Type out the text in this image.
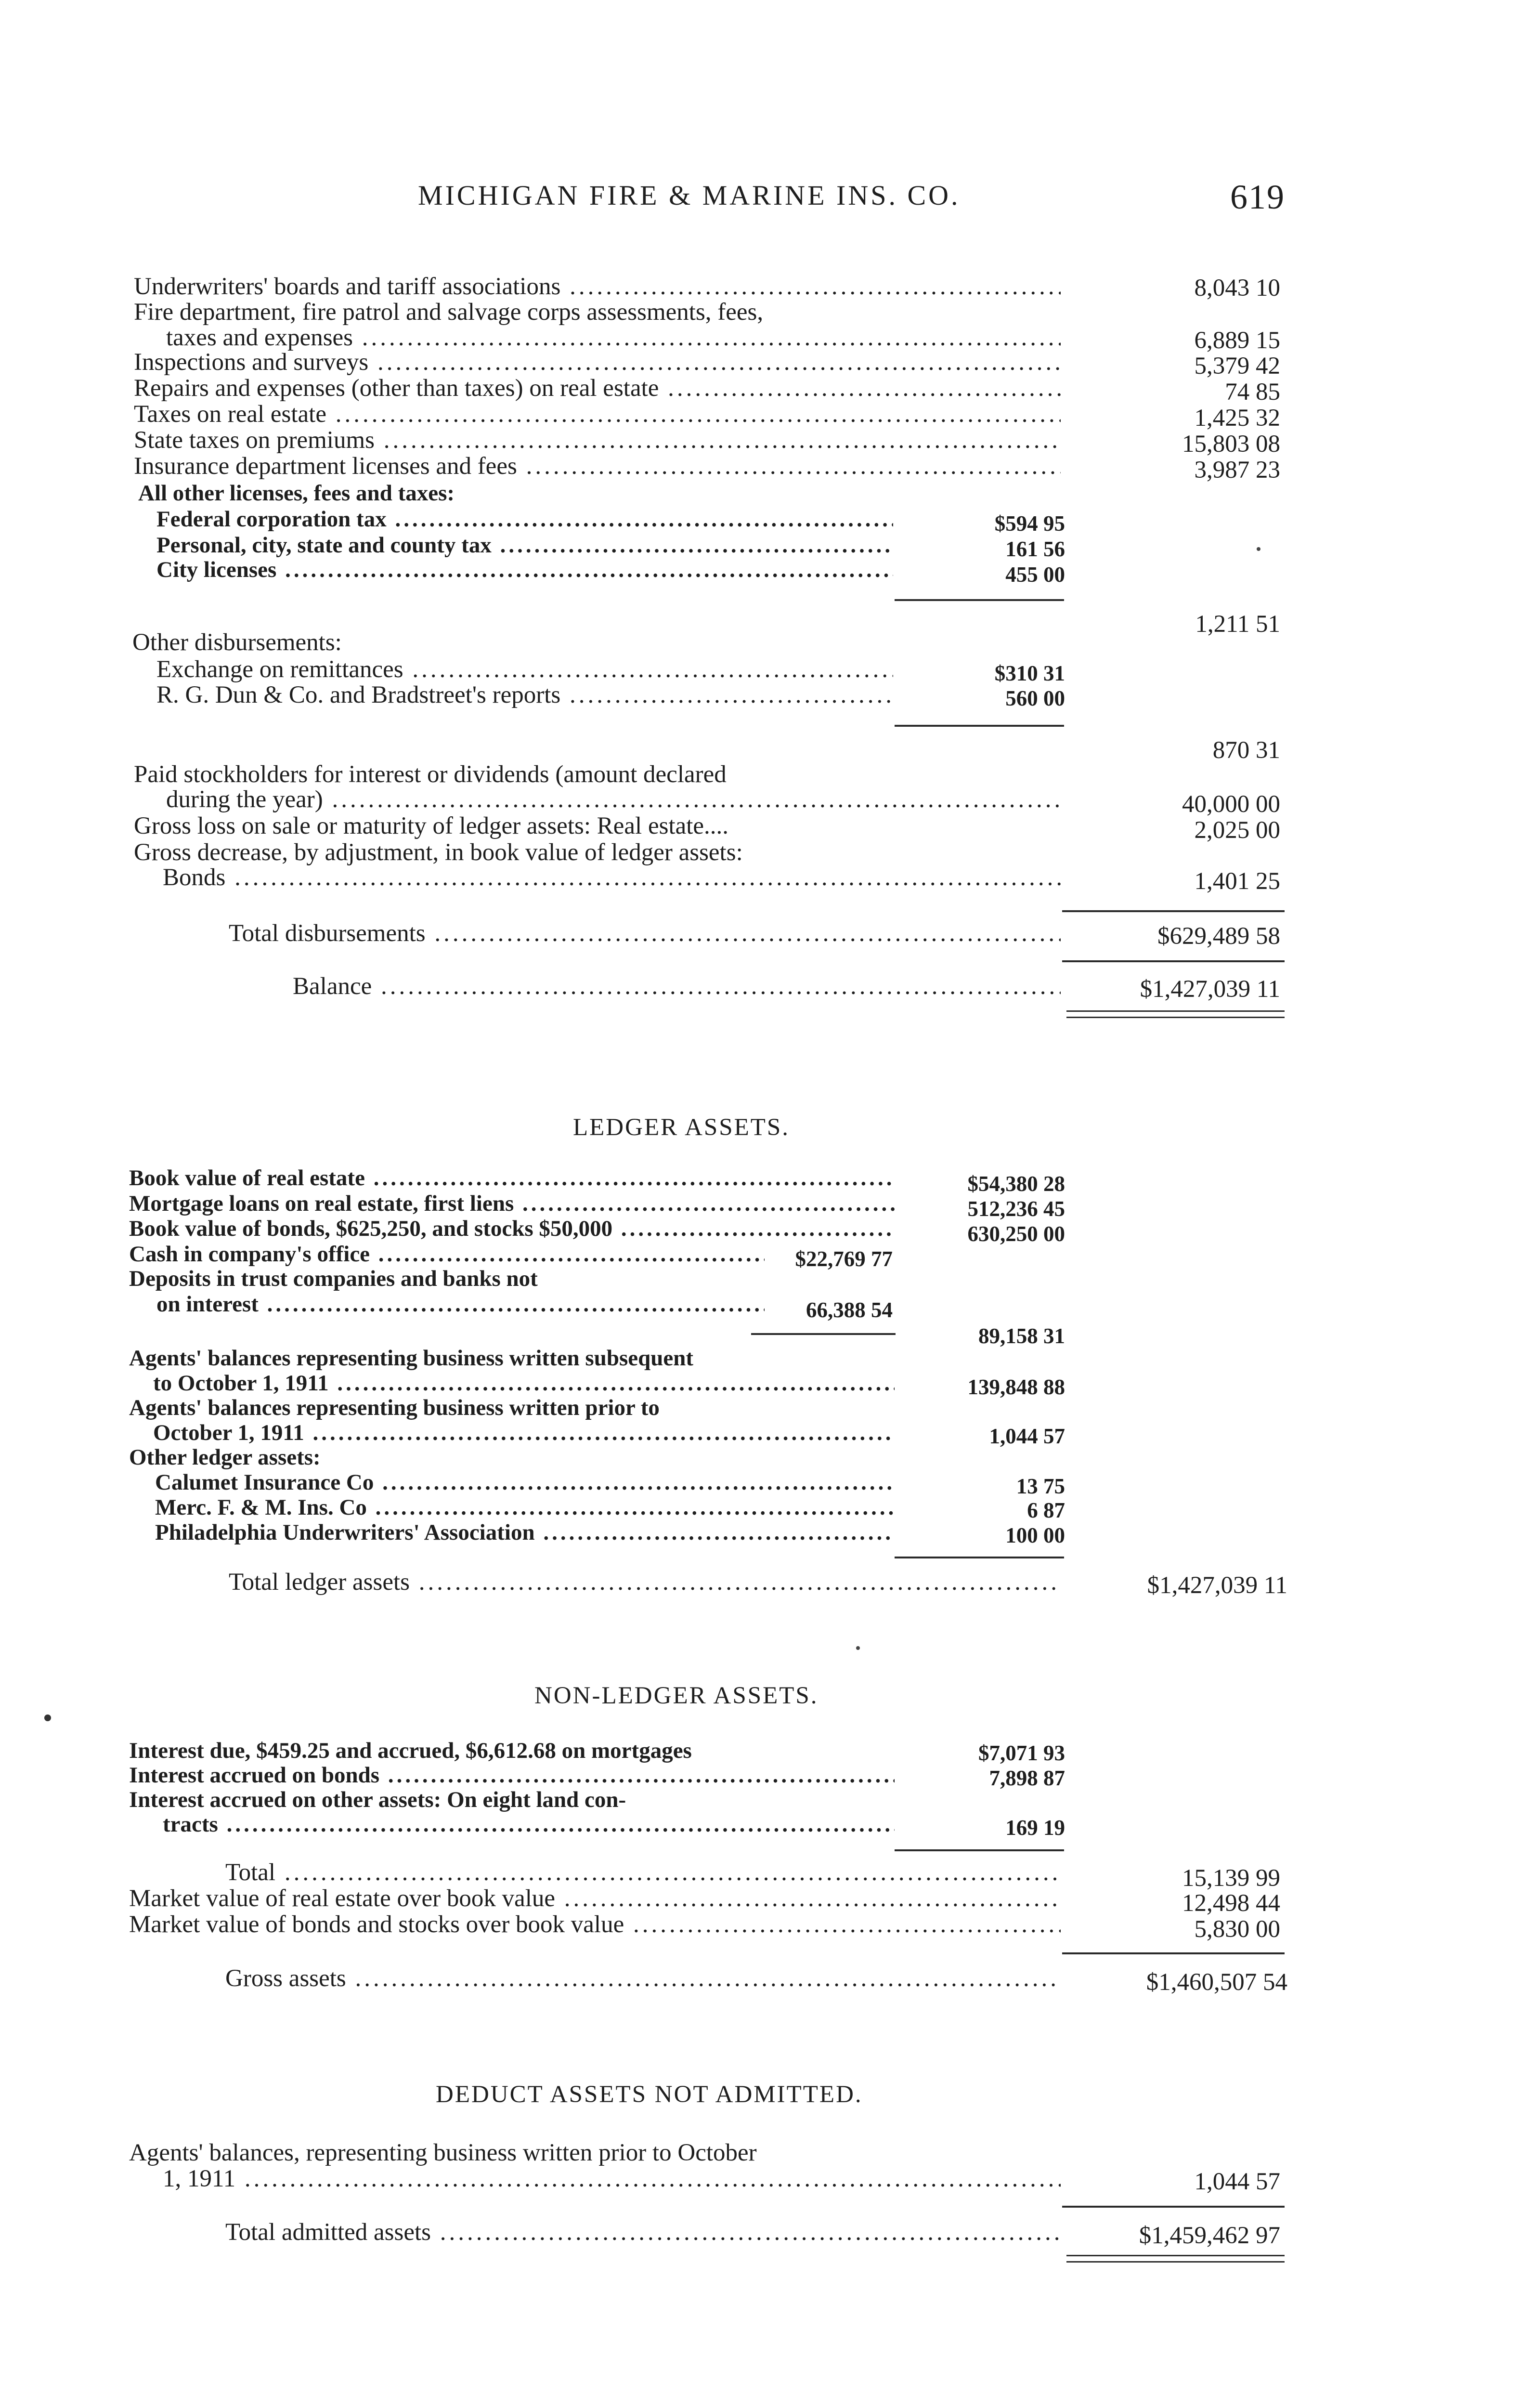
MICHIGAN FIRE & MARINE INS. CO.	619
Underwriters' boards and tariff associations .....	8,043 10
Fire department, fire patrol and salvage corps assessments, fees,
taxes and expenses .....	6,889 15
Inspections and surveys .....	5,379 42
Repairs and expenses (other than taxes) on real estate .....	74 85
Taxes on real estate .....	1,425 32
State taxes on premiums .....	15,803 08
Insurance department licenses and fees .....	3,987 23
All other licenses, fees and taxes:
Federal corporation tax .....	$594 95
Personal, city, state and county tax .....	161 56
City licenses .....	455 00
1,211 51
Other disbursements:
Exchange on remittances .....	$310 31
R. G. Dun & Co. and Bradstreet's reports .....	560 00
870 31
Paid stockholders for interest or dividends (amount declared
during the year) .....	40,000 00
Gross loss on sale or maturity of ledger assets: Real estate....	2,025 00
Gross decrease, by adjustment, in book value of ledger assets:
Bonds .....	1,401 25
Total disbursements .....	$629,489 58
Balance .....	$1,427,039 11
LEDGER ASSETS.
Book value of real estate .....	$54,380 28
Mortgage loans on real estate, first liens .....	512,236 45
Book value of bonds, $625,250, and stocks $50,000 .....	630,250 00
Cash in company's office .....	$22,769 77
Deposits in trust companies and banks not
on interest .....	66,388 54
89,158 31
Agents' balances representing business written subsequent
to October 1, 1911 .....	139,848 88
Agents' balances representing business written prior to
October 1, 1911 .....	1,044 57
Other ledger assets:
Calumet Insurance Co .....	13 75
Merc. F. & M. Ins. Co .....	6 87
Philadelphia Underwriters' Association .....	100 00
Total ledger assets .....	$1,427,039 11
NON-LEDGER ASSETS.
Interest due, $459.25 and accrued, $6,612.68 on mortgages	$7,071 93
Interest accrued on bonds .....	7,898 87
Interest accrued on other assets: On eight land con-
tracts .....	169 19
Total .....	15,139 99
Market value of real estate over book value .....	12,498 44
Market value of bonds and stocks over book value .....	5,830 00
Gross assets .....	$1,460,507 54
DEDUCT ASSETS NOT ADMITTED.
Agents' balances, representing business written prior to October
1, 1911 .....	1,044 57
Total admitted assets .....	$1,459,462 97
